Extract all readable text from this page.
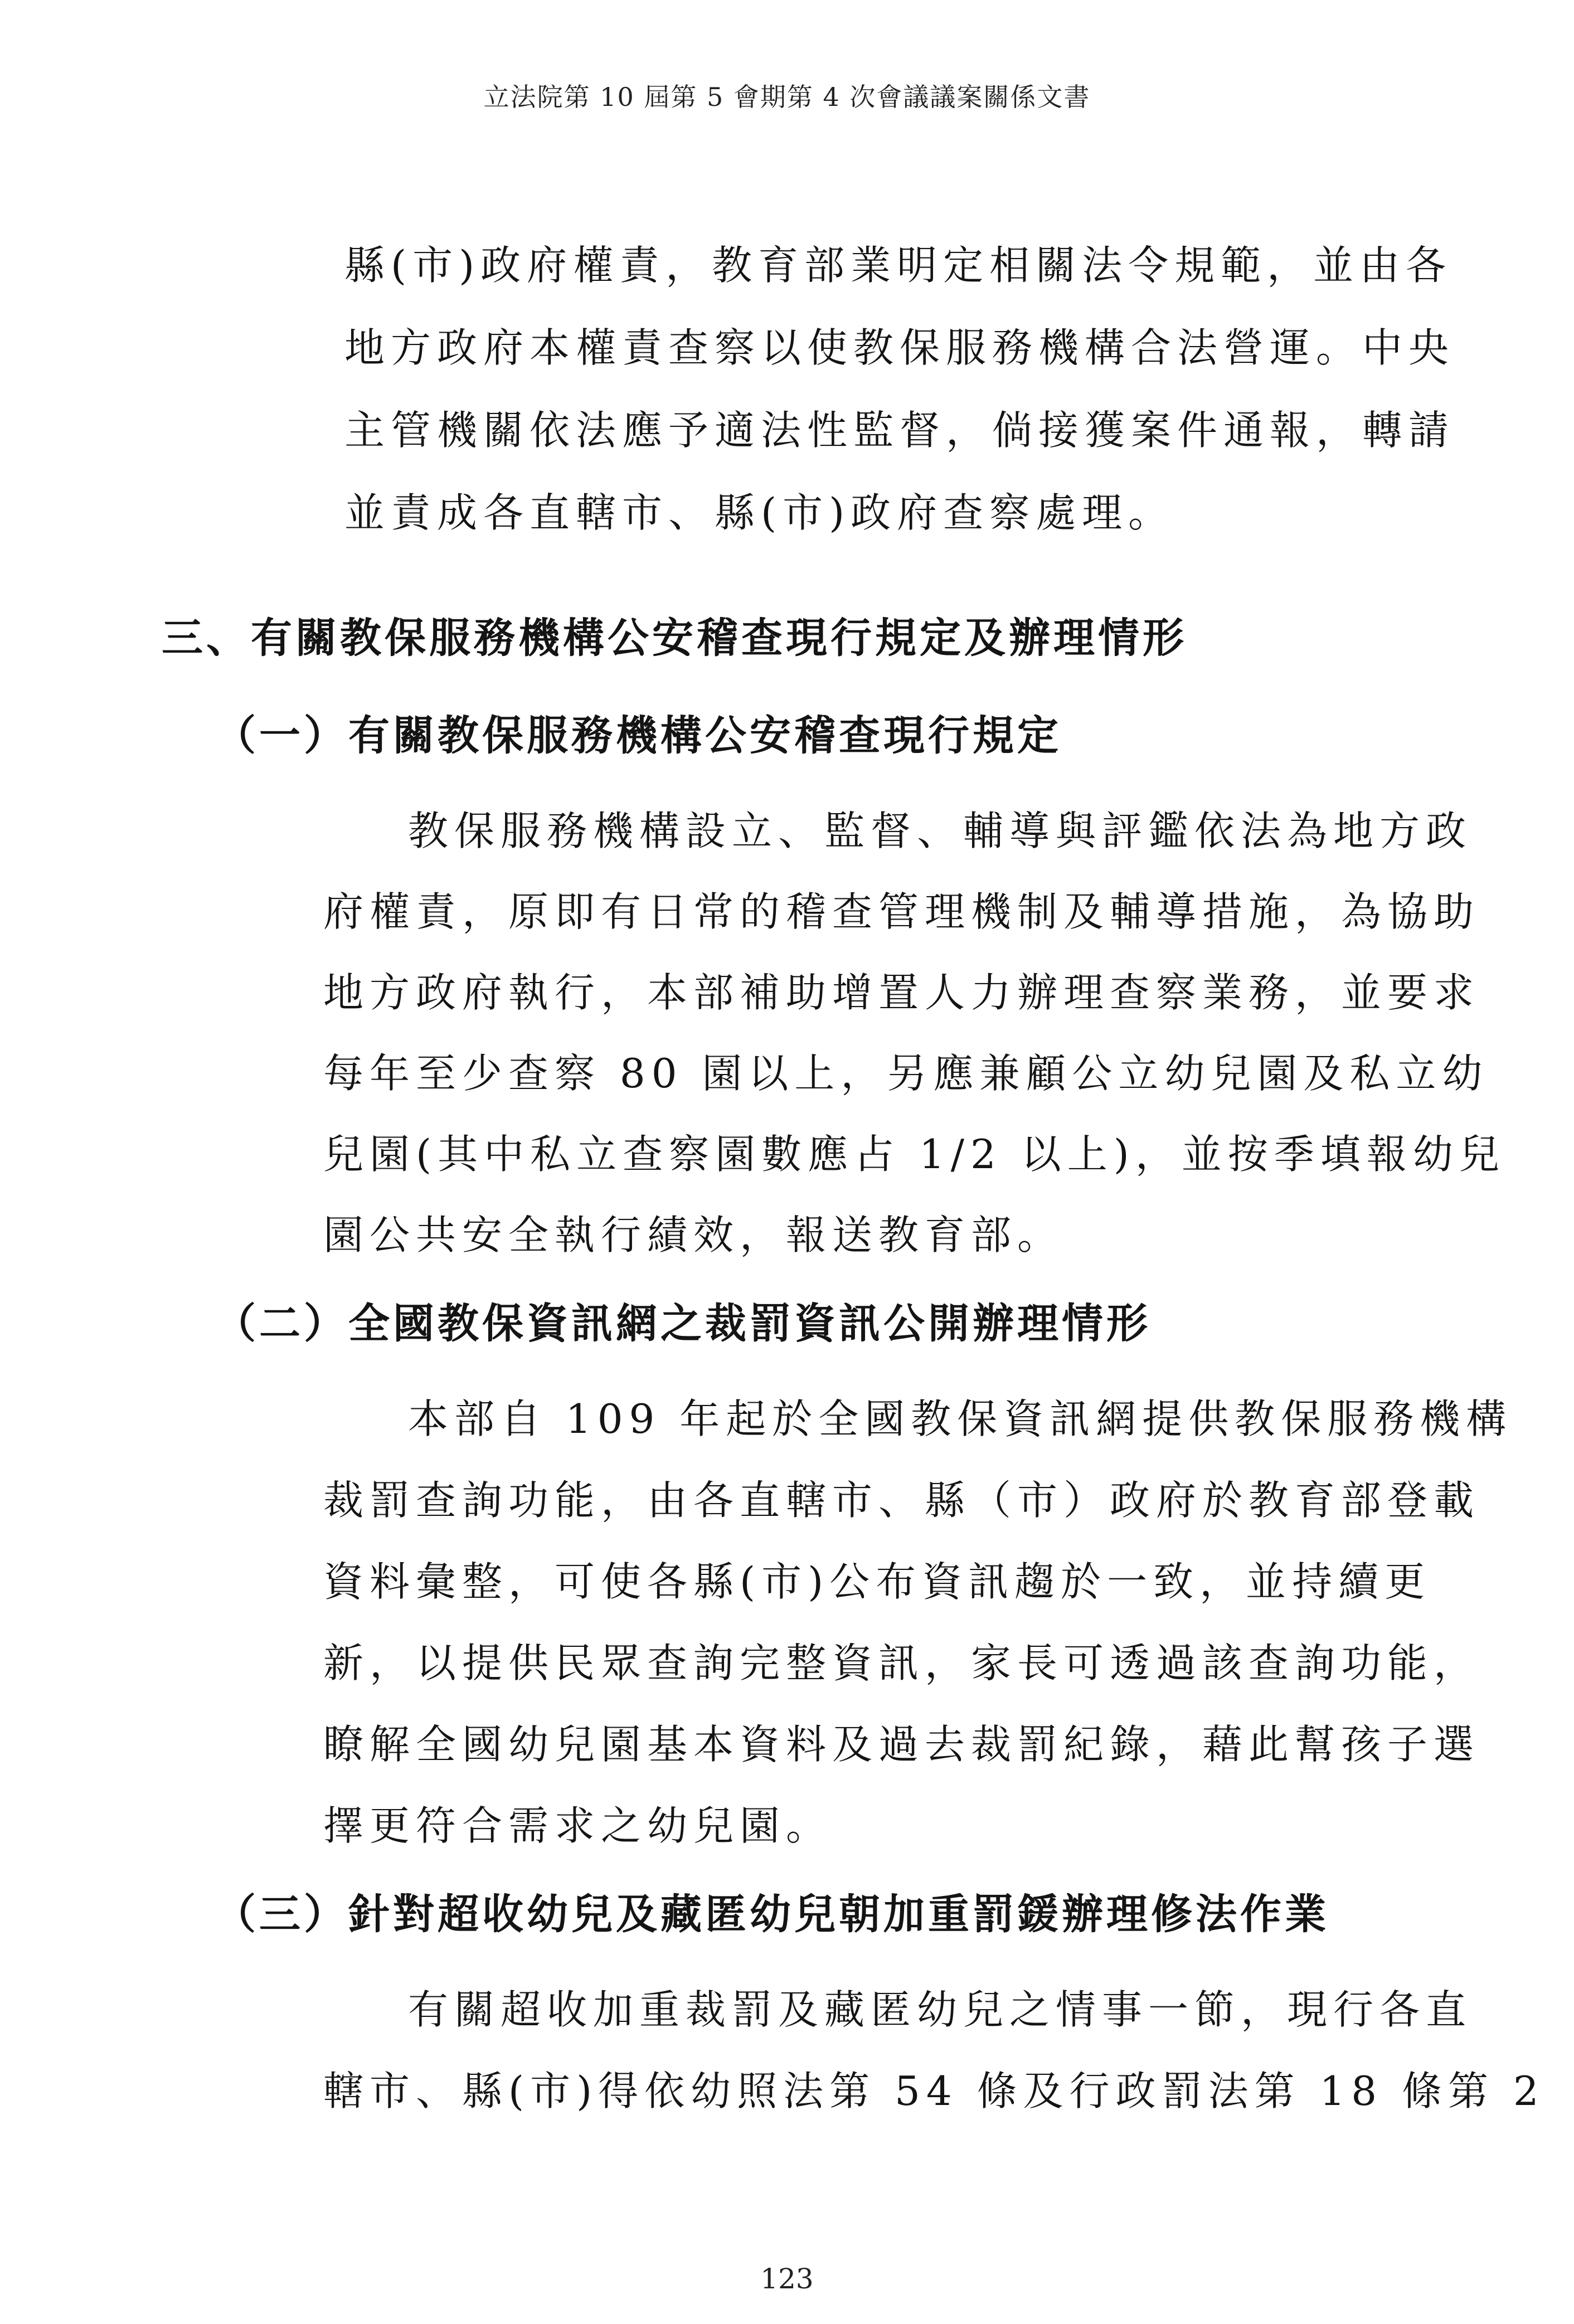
立法院第 10 屆第 5 會期第 4 次會議議案關係文書
縣(市)政府權責，教育部業明定相關法令規範，並由各
地方政府本權責查察以使教保服務機構合法營運。中央
主管機關依法應予適法性監督，倘接獲案件通報，轉請
並責成各直轄市、縣(市)政府查察處理。
三、有關教保服務機構公安稽查現行規定及辦理情形
（一）有關教保服務機構公安稽查現行規定
教保服務機構設立、監督、輔導與評鑑依法為地方政
府權責，原即有日常的稽查管理機制及輔導措施，為協助
地方政府執行，本部補助增置人力辦理查察業務，並要求
每年至少查察 80 園以上，另應兼顧公立幼兒園及私立幼
兒園(其中私立查察園數應占 1/2 以上)，並按季填報幼兒
園公共安全執行績效，報送教育部。
（二）全國教保資訊網之裁罰資訊公開辦理情形
本部自 109 年起於全國教保資訊網提供教保服務機構
裁罰查詢功能，由各直轄市、縣（市）政府於教育部登載
資料彙整，可使各縣(市)公布資訊趨於一致，並持續更
新，以提供民眾查詢完整資訊，家長可透過該查詢功能，
瞭解全國幼兒園基本資料及過去裁罰紀錄，藉此幫孩子選
擇更符合需求之幼兒園。
（三）針對超收幼兒及藏匿幼兒朝加重罰鍰辦理修法作業
有關超收加重裁罰及藏匿幼兒之情事一節，現行各直
轄市、縣(市)得依幼照法第 54 條及行政罰法第 18 條第 2
123
